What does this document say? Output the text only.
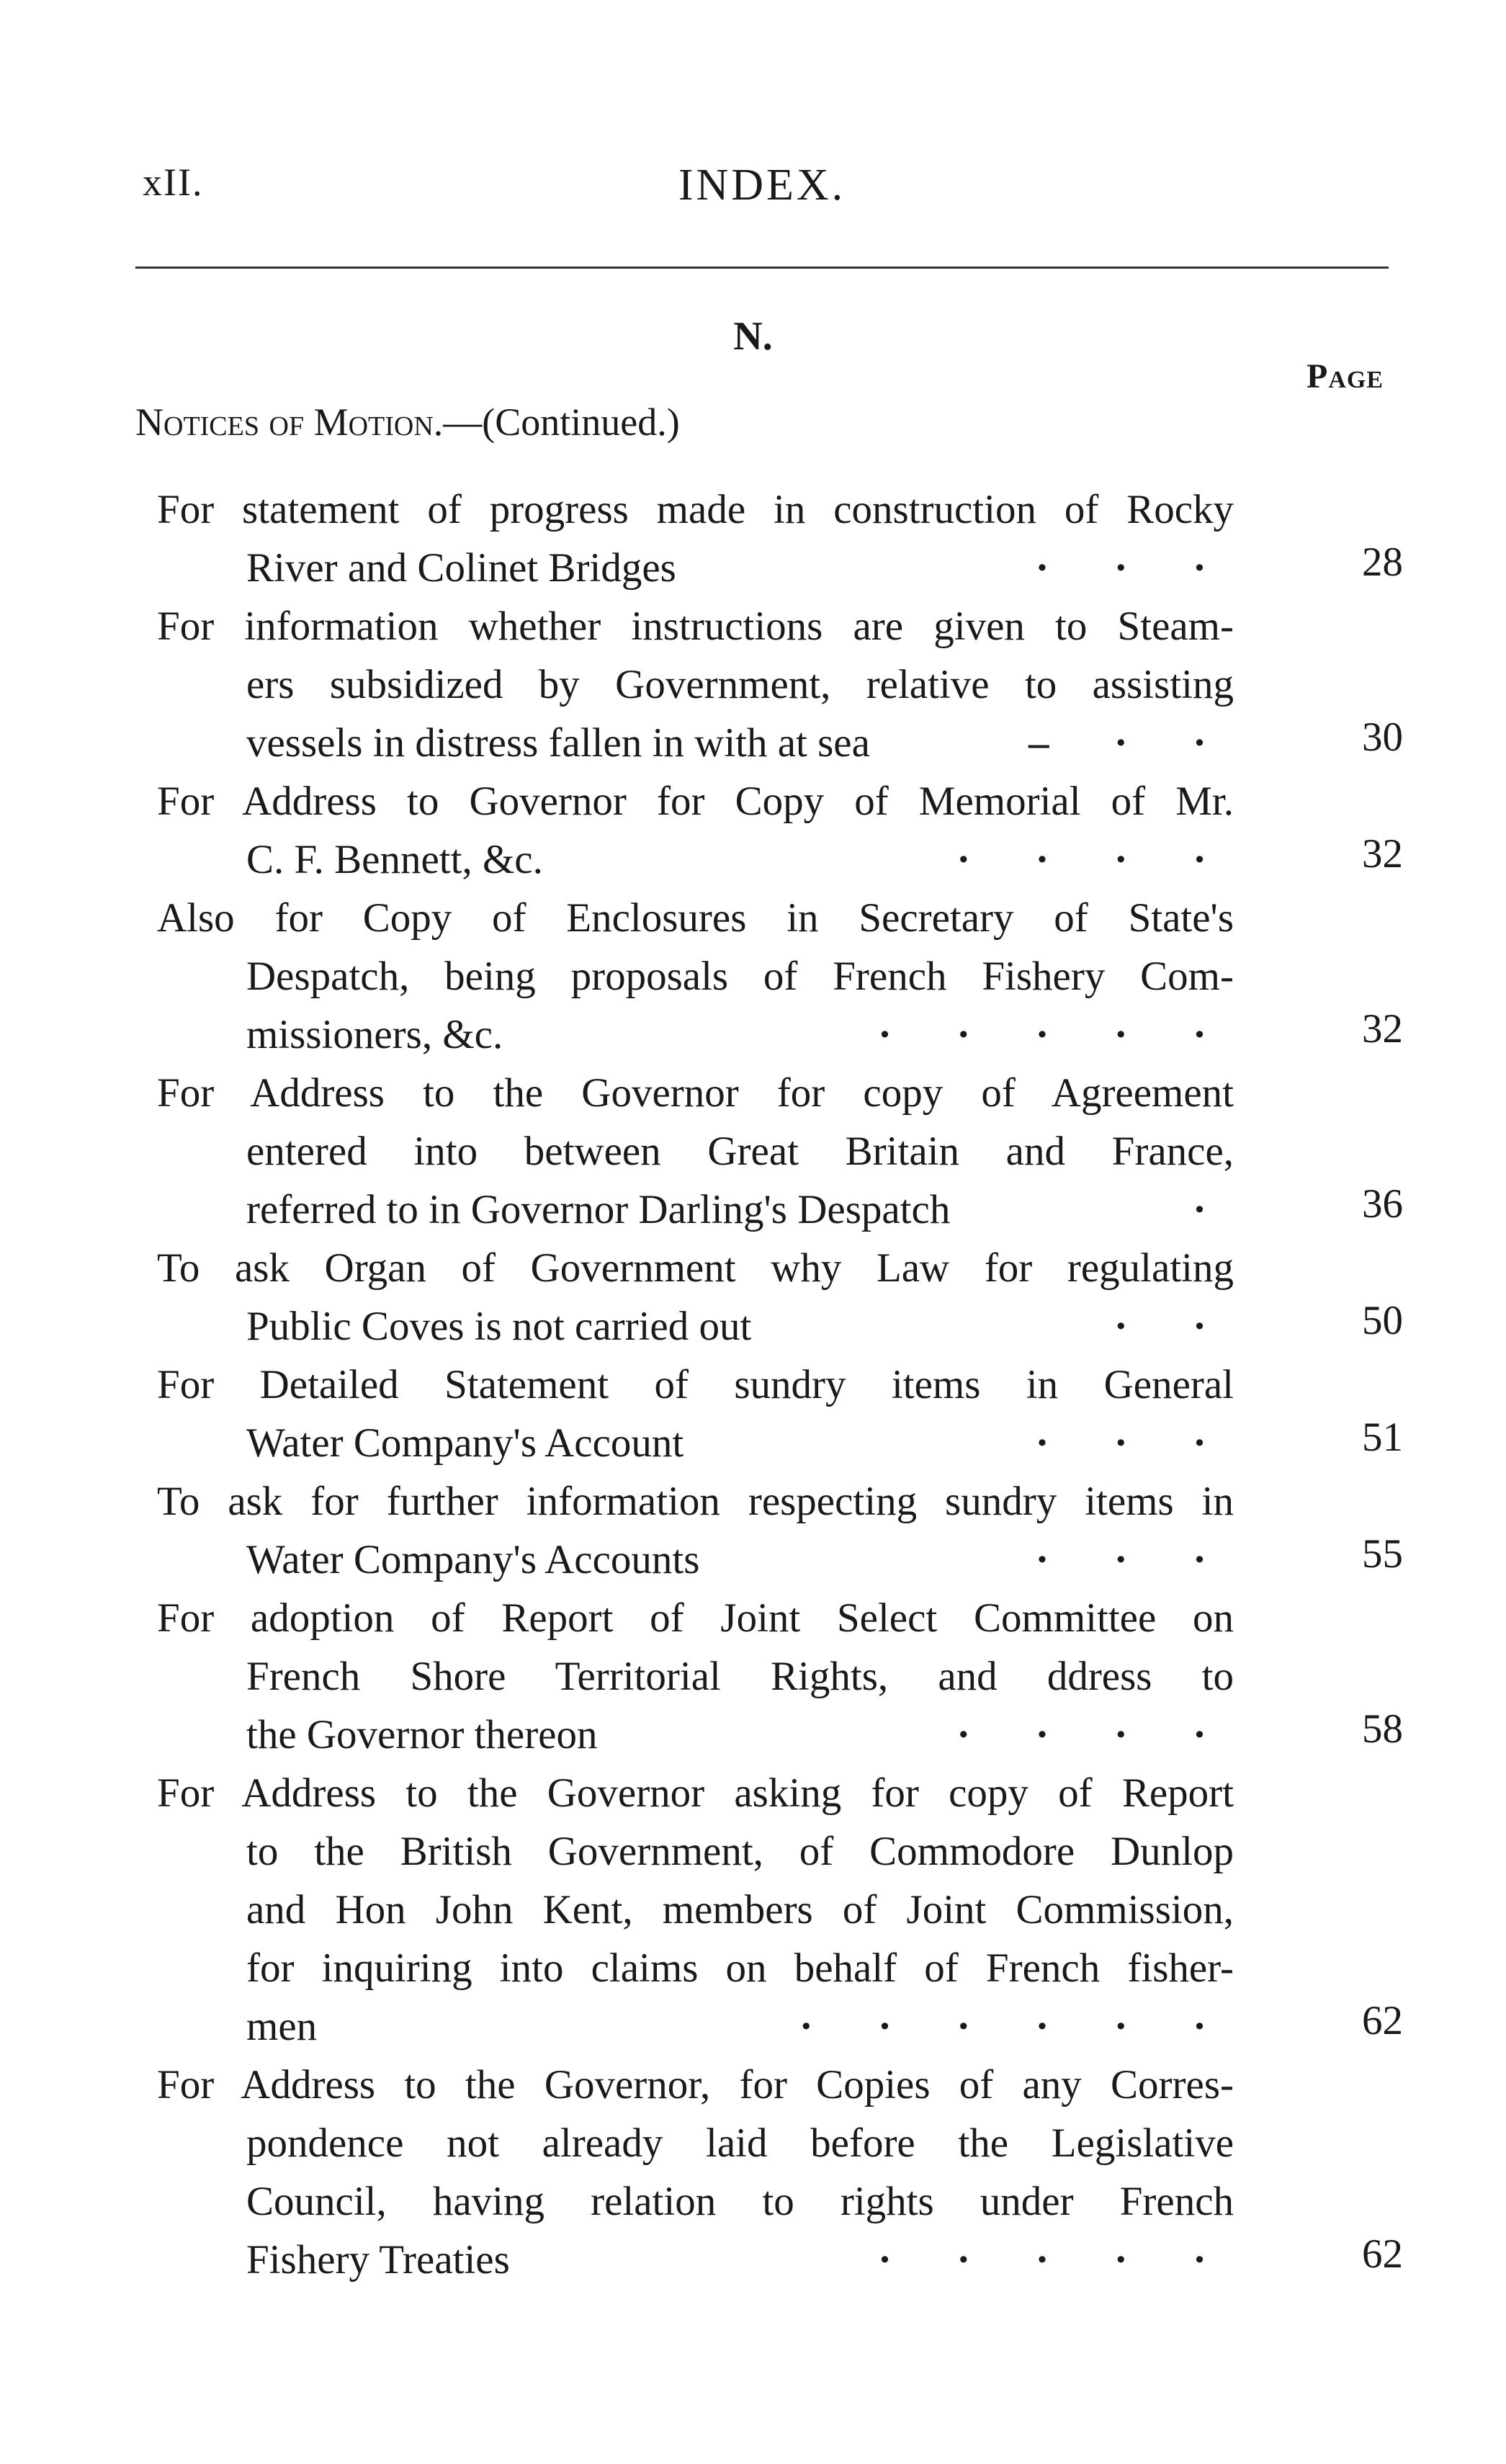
xII.	INDEX.
N.
Page
Notices of Motion.—(Continued.)
For statement of progress made in construction of Rocky
River and Colinet Bridges	· · ·	28
For information whether instructions are given to Steam-
ers subsidized by Government, relative to assisting
vessels in distress fallen in with at sea	– · ·	30
For Address to Governor for Copy of Memorial of Mr.
C. F. Bennett, &c.	· · · ·	32
Also for Copy of Enclosures in Secretary of State's
Despatch, being proposals of French Fishery Com-
missioners, &c.	· · · · ·	32
For Address to the Governor for copy of Agreement
entered into between Great Britain and France,
referred to in Governor Darling's Despatch	·	36
To ask Organ of Government why Law for regulating
Public Coves is not carried out	· ·	50
For Detailed Statement of sundry items in General
Water Company's Account	· · ·	51
To ask for further information respecting sundry items in
Water Company's Accounts	· · ·	55
For adoption of Report of Joint Select Committee on
French Shore Territorial Rights, and ddress to
the Governor thereon	· · · ·	58
For Address to the Governor asking for copy of Report
to the British Government, of Commodore Dunlop
and Hon John Kent, members of Joint Commission,
for inquiring into claims on behalf of French fisher-
men	· · · · · ·	62
For Address to the Governor, for Copies of any Corres-
pondence not already laid before the Legislative
Council, having relation to rights under French
Fishery Treaties	· · · · ·	62
